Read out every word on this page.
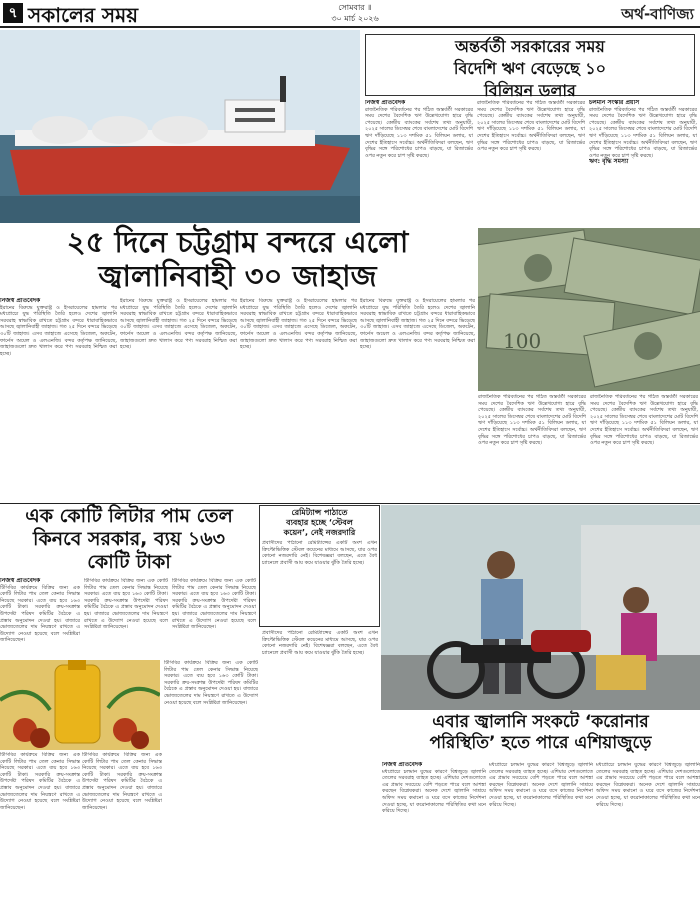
৭ সকালের সময়	সোমবার ॥
৩০ মার্চ ২০২৬	অর্থ-বাণিজ্য
অন্তর্বর্তী সরকারের সময়
বিদেশি ঋণ বেড়েছে ১০
বিলিয়ন ডলার
নিজস্ব প্রতিবেদক
রাজনৈতিক পরিবর্তনের পর গঠিত অন্তর্বর্তী সরকারের সময় দেশের বৈদেশিক ঋণ উল্লেখযোগ্য হারে বৃদ্ধি পেয়েছে। কেন্দ্রীয় ব্যাংকের সর্বশেষ তথ্য অনুযায়ী, ২০২৫ সালের ডিসেম্বর শেষে বাংলাদেশের মোট বিদেশি ঋণ দাঁড়িয়েছে ১১৩ দশমিক ৫১ বিলিয়ন ডলার, যা দেশের ইতিহাসে সর্বোচ্চ। অর্থনীতিবিদরা বলছেন, ঋণ বৃদ্ধির সঙ্গে পরিশোধের চাপও বাড়ছে, যা রিজার্ভের ওপর নতুন করে চাপ সৃষ্টি করছে।
রাজনৈতিক পরিবর্তনের পর গঠিত অন্তর্বর্তী সরকারের সময় দেশের বৈদেশিক ঋণ উল্লেখযোগ্য হারে বৃদ্ধি পেয়েছে। কেন্দ্রীয় ব্যাংকের সর্বশেষ তথ্য অনুযায়ী, ২০২৫ সালের ডিসেম্বর শেষে বাংলাদেশের মোট বিদেশি ঋণ দাঁড়িয়েছে ১১৩ দশমিক ৫১ বিলিয়ন ডলার, যা দেশের ইতিহাসে সর্বোচ্চ। অর্থনীতিবিদরা বলছেন, ঋণ বৃদ্ধির সঙ্গে পরিশোধের চাপও বাড়ছে, যা রিজার্ভের ওপর নতুন করে চাপ সৃষ্টি করছে।
চলমান সংস্কার প্রয়াস
রাজনৈতিক পরিবর্তনের পর গঠিত অন্তর্বর্তী সরকারের সময় দেশের বৈদেশিক ঋণ উল্লেখযোগ্য হারে বৃদ্ধি পেয়েছে। কেন্দ্রীয় ব্যাংকের সর্বশেষ তথ্য অনুযায়ী, ২০২৫ সালের ডিসেম্বর শেষে বাংলাদেশের মোট বিদেশি ঋণ দাঁড়িয়েছে ১১৩ দশমিক ৫১ বিলিয়ন ডলার, যা দেশের ইতিহাসে সর্বোচ্চ। অর্থনীতিবিদরা বলছেন, ঋণ বৃদ্ধির সঙ্গে পরিশোধের চাপও বাড়ছে, যা রিজার্ভের ওপর নতুন করে চাপ সৃষ্টি করছে।
ঋণ: বৃদ্ধি সমস্যা
২৫ দিনে চট্টগ্রাম বন্দরে এলো
জ্বালানিবাহী ৩০ জাহাজ
100
নিজস্ব প্রতিবেদক
ইরানের বিরুদ্ধে যুক্তরাষ্ট্র ও ইসরায়েলের হামলার পর মধ্যপ্রাচ্যে যুদ্ধ পরিস্থিতি তৈরি হলেও দেশের জ্বালানি সরবরাহ স্বাভাবিক রাখতে চট্টগ্রাম বন্দরে ধারাবাহিকভাবে আসছে জ্বালানিবাহী জাহাজ। গত ২৫ দিনে বন্দরে ভিড়েছে ৩০টি জাহাজ। এসব জাহাজে এসেছে ডিজেল, অকটেন, ফার্নেস অয়েল ও এলএনজি। বন্দর কর্তৃপক্ষ জানিয়েছে, জাহাজগুলো দ্রুত খালাস করে পণ্য সরবরাহ নিশ্চিত করা হচ্ছে।
ইরানের বিরুদ্ধে যুক্তরাষ্ট্র ও ইসরায়েলের হামলার পর মধ্যপ্রাচ্যে যুদ্ধ পরিস্থিতি তৈরি হলেও দেশের জ্বালানি সরবরাহ স্বাভাবিক রাখতে চট্টগ্রাম বন্দরে ধারাবাহিকভাবে আসছে জ্বালানিবাহী জাহাজ। গত ২৫ দিনে বন্দরে ভিড়েছে ৩০টি জাহাজ। এসব জাহাজে এসেছে ডিজেল, অকটেন, ফার্নেস অয়েল ও এলএনজি। বন্দর কর্তৃপক্ষ জানিয়েছে, জাহাজগুলো দ্রুত খালাস করে পণ্য সরবরাহ নিশ্চিত করা হচ্ছে।
ইরানের বিরুদ্ধে যুক্তরাষ্ট্র ও ইসরায়েলের হামলার পর মধ্যপ্রাচ্যে যুদ্ধ পরিস্থিতি তৈরি হলেও দেশের জ্বালানি সরবরাহ স্বাভাবিক রাখতে চট্টগ্রাম বন্দরে ধারাবাহিকভাবে আসছে জ্বালানিবাহী জাহাজ। গত ২৫ দিনে বন্দরে ভিড়েছে ৩০টি জাহাজ। এসব জাহাজে এসেছে ডিজেল, অকটেন, ফার্নেস অয়েল ও এলএনজি। বন্দর কর্তৃপক্ষ জানিয়েছে, জাহাজগুলো দ্রুত খালাস করে পণ্য সরবরাহ নিশ্চিত করা হচ্ছে।
ইরানের বিরুদ্ধে যুক্তরাষ্ট্র ও ইসরায়েলের হামলার পর মধ্যপ্রাচ্যে যুদ্ধ পরিস্থিতি তৈরি হলেও দেশের জ্বালানি সরবরাহ স্বাভাবিক রাখতে চট্টগ্রাম বন্দরে ধারাবাহিকভাবে আসছে জ্বালানিবাহী জাহাজ। গত ২৫ দিনে বন্দরে ভিড়েছে ৩০টি জাহাজ। এসব জাহাজে এসেছে ডিজেল, অকটেন, ফার্নেস অয়েল ও এলএনজি। বন্দর কর্তৃপক্ষ জানিয়েছে, জাহাজগুলো দ্রুত খালাস করে পণ্য সরবরাহ নিশ্চিত করা হচ্ছে।
রাজনৈতিক পরিবর্তনের পর গঠিত অন্তর্বর্তী সরকারের সময় দেশের বৈদেশিক ঋণ উল্লেখযোগ্য হারে বৃদ্ধি পেয়েছে। কেন্দ্রীয় ব্যাংকের সর্বশেষ তথ্য অনুযায়ী, ২০২৫ সালের ডিসেম্বর শেষে বাংলাদেশের মোট বিদেশি ঋণ দাঁড়িয়েছে ১১৩ দশমিক ৫১ বিলিয়ন ডলার, যা দেশের ইতিহাসে সর্বোচ্চ। অর্থনীতিবিদরা বলছেন, ঋণ বৃদ্ধির সঙ্গে পরিশোধের চাপও বাড়ছে, যা রিজার্ভের ওপর নতুন করে চাপ সৃষ্টি করছে।
রাজনৈতিক পরিবর্তনের পর গঠিত অন্তর্বর্তী সরকারের সময় দেশের বৈদেশিক ঋণ উল্লেখযোগ্য হারে বৃদ্ধি পেয়েছে। কেন্দ্রীয় ব্যাংকের সর্বশেষ তথ্য অনুযায়ী, ২০২৫ সালের ডিসেম্বর শেষে বাংলাদেশের মোট বিদেশি ঋণ দাঁড়িয়েছে ১১৩ দশমিক ৫১ বিলিয়ন ডলার, যা দেশের ইতিহাসে সর্বোচ্চ। অর্থনীতিবিদরা বলছেন, ঋণ বৃদ্ধির সঙ্গে পরিশোধের চাপও বাড়ছে, যা রিজার্ভের ওপর নতুন করে চাপ সৃষ্টি করছে।
এক কোটি লিটার পাম তেল
কিনবে সরকার, ব্যয় ১৬৩
কোটি টাকা
রেমিট্যান্স পাঠাতে
ব্যবহার হচ্ছে ‘স্টেবল
কয়েন’, নেই নজরদারি
প্রবাসীদের পাঠানো রেমিট্যান্সের একটি অংশ এখন ক্রিপ্টোভিত্তিক স্টেবল কয়েনের মাধ্যমে আসছে, যার ওপর কোনো নজরদারি নেই। বিশেষজ্ঞরা বলছেন, এতে বৈধ চ্যানেলে প্রবাসী আয় কমে যাওয়ার ঝুঁকি তৈরি হচ্ছে।
নিজস্ব প্রতিবেদক
টিসিবির কার্যক্রমে বিক্রির জন্য এক কোটি লিটার পাম তেল কেনার সিদ্ধান্ত নিয়েছে সরকার। এতে ব্যয় হবে ১৬৩ কোটি টাকা। সরকারি ক্রয়-সংক্রান্ত উপদেষ্টা পরিষদ কমিটির বৈঠকে এ প্রস্তাব অনুমোদন দেওয়া হয়। বাজারে ভোজ্যতেলের দাম নিয়ন্ত্রণে রাখতে এ উদ্যোগ নেওয়া হয়েছে বলে সংশ্লিষ্টরা জানিয়েছেন।
টিসিবির কার্যক্রমে বিক্রির জন্য এক কোটি লিটার পাম তেল কেনার সিদ্ধান্ত নিয়েছে সরকার। এতে ব্যয় হবে ১৬৩ কোটি টাকা। সরকারি ক্রয়-সংক্রান্ত উপদেষ্টা পরিষদ কমিটির বৈঠকে এ প্রস্তাব অনুমোদন দেওয়া হয়। বাজারে ভোজ্যতেলের দাম নিয়ন্ত্রণে রাখতে এ উদ্যোগ নেওয়া হয়েছে বলে সংশ্লিষ্টরা জানিয়েছেন।
টিসিবির কার্যক্রমে বিক্রির জন্য এক কোটি লিটার পাম তেল কেনার সিদ্ধান্ত নিয়েছে সরকার। এতে ব্যয় হবে ১৬৩ কোটি টাকা। সরকারি ক্রয়-সংক্রান্ত উপদেষ্টা পরিষদ কমিটির বৈঠকে এ প্রস্তাব অনুমোদন দেওয়া হয়। বাজারে ভোজ্যতেলের দাম নিয়ন্ত্রণে রাখতে এ উদ্যোগ নেওয়া হয়েছে বলে সংশ্লিষ্টরা জানিয়েছেন।
টিসিবির কার্যক্রমে বিক্রির জন্য এক কোটি লিটার পাম তেল কেনার সিদ্ধান্ত নিয়েছে সরকার। এতে ব্যয় হবে ১৬৩ কোটি টাকা। সরকারি ক্রয়-সংক্রান্ত উপদেষ্টা পরিষদ কমিটির বৈঠকে এ প্রস্তাব অনুমোদন দেওয়া হয়। বাজারে ভোজ্যতেলের দাম নিয়ন্ত্রণে রাখতে এ উদ্যোগ নেওয়া হয়েছে বলে সংশ্লিষ্টরা জানিয়েছেন।
টিসিবির কার্যক্রমে বিক্রির জন্য এক কোটি লিটার পাম তেল কেনার সিদ্ধান্ত নিয়েছে সরকার। এতে ব্যয় হবে ১৬৩ কোটি টাকা। সরকারি ক্রয়-সংক্রান্ত উপদেষ্টা পরিষদ কমিটির বৈঠকে এ প্রস্তাব অনুমোদন দেওয়া হয়। বাজারে ভোজ্যতেলের দাম নিয়ন্ত্রণে রাখতে এ উদ্যোগ নেওয়া হয়েছে বলে সংশ্লিষ্টরা জানিয়েছেন।
টিসিবির কার্যক্রমে বিক্রির জন্য এক কোটি লিটার পাম তেল কেনার সিদ্ধান্ত নিয়েছে সরকার। এতে ব্যয় হবে ১৬৩ কোটি টাকা। সরকারি ক্রয়-সংক্রান্ত উপদেষ্টা পরিষদ কমিটির বৈঠকে এ প্রস্তাব অনুমোদন দেওয়া হয়। বাজারে ভোজ্যতেলের দাম নিয়ন্ত্রণে রাখতে এ উদ্যোগ নেওয়া হয়েছে বলে সংশ্লিষ্টরা জানিয়েছেন।
প্রবাসীদের পাঠানো রেমিট্যান্সের একটি অংশ এখন ক্রিপ্টোভিত্তিক স্টেবল কয়েনের মাধ্যমে আসছে, যার ওপর কোনো নজরদারি নেই। বিশেষজ্ঞরা বলছেন, এতে বৈধ চ্যানেলে প্রবাসী আয় কমে যাওয়ার ঝুঁকি তৈরি হচ্ছে।
এবার জ্বালানি সংকটে ‘করোনার
পরিস্থিতি’ হতে পারে এশিয়াজুড়ে
নিজস্ব প্রতিবেদক
মধ্যপ্রাচ্যে চলমান যুদ্ধের কারণে বিশ্বজুড়ে জ্বালানি তেলের সরবরাহ ব্যাহত হচ্ছে। এশিয়ার দেশগুলোতে এর প্রভাব সবচেয়ে বেশি পড়তে পারে বলে আশঙ্কা করছেন বিশ্লেষকরা। অনেক দেশে জ্বালানি সাশ্রয়ে অফিস সময় কমানো ও ঘরে বসে কাজের নির্দেশনা দেওয়া হচ্ছে, যা করোনাকালের পরিস্থিতির কথা মনে করিয়ে দিচ্ছে।
মধ্যপ্রাচ্যে চলমান যুদ্ধের কারণে বিশ্বজুড়ে জ্বালানি তেলের সরবরাহ ব্যাহত হচ্ছে। এশিয়ার দেশগুলোতে এর প্রভাব সবচেয়ে বেশি পড়তে পারে বলে আশঙ্কা করছেন বিশ্লেষকরা। অনেক দেশে জ্বালানি সাশ্রয়ে অফিস সময় কমানো ও ঘরে বসে কাজের নির্দেশনা দেওয়া হচ্ছে, যা করোনাকালের পরিস্থিতির কথা মনে করিয়ে দিচ্ছে।
মধ্যপ্রাচ্যে চলমান যুদ্ধের কারণে বিশ্বজুড়ে জ্বালানি তেলের সরবরাহ ব্যাহত হচ্ছে। এশিয়ার দেশগুলোতে এর প্রভাব সবচেয়ে বেশি পড়তে পারে বলে আশঙ্কা করছেন বিশ্লেষকরা। অনেক দেশে জ্বালানি সাশ্রয়ে অফিস সময় কমানো ও ঘরে বসে কাজের নির্দেশনা দেওয়া হচ্ছে, যা করোনাকালের পরিস্থিতির কথা মনে করিয়ে দিচ্ছে।
